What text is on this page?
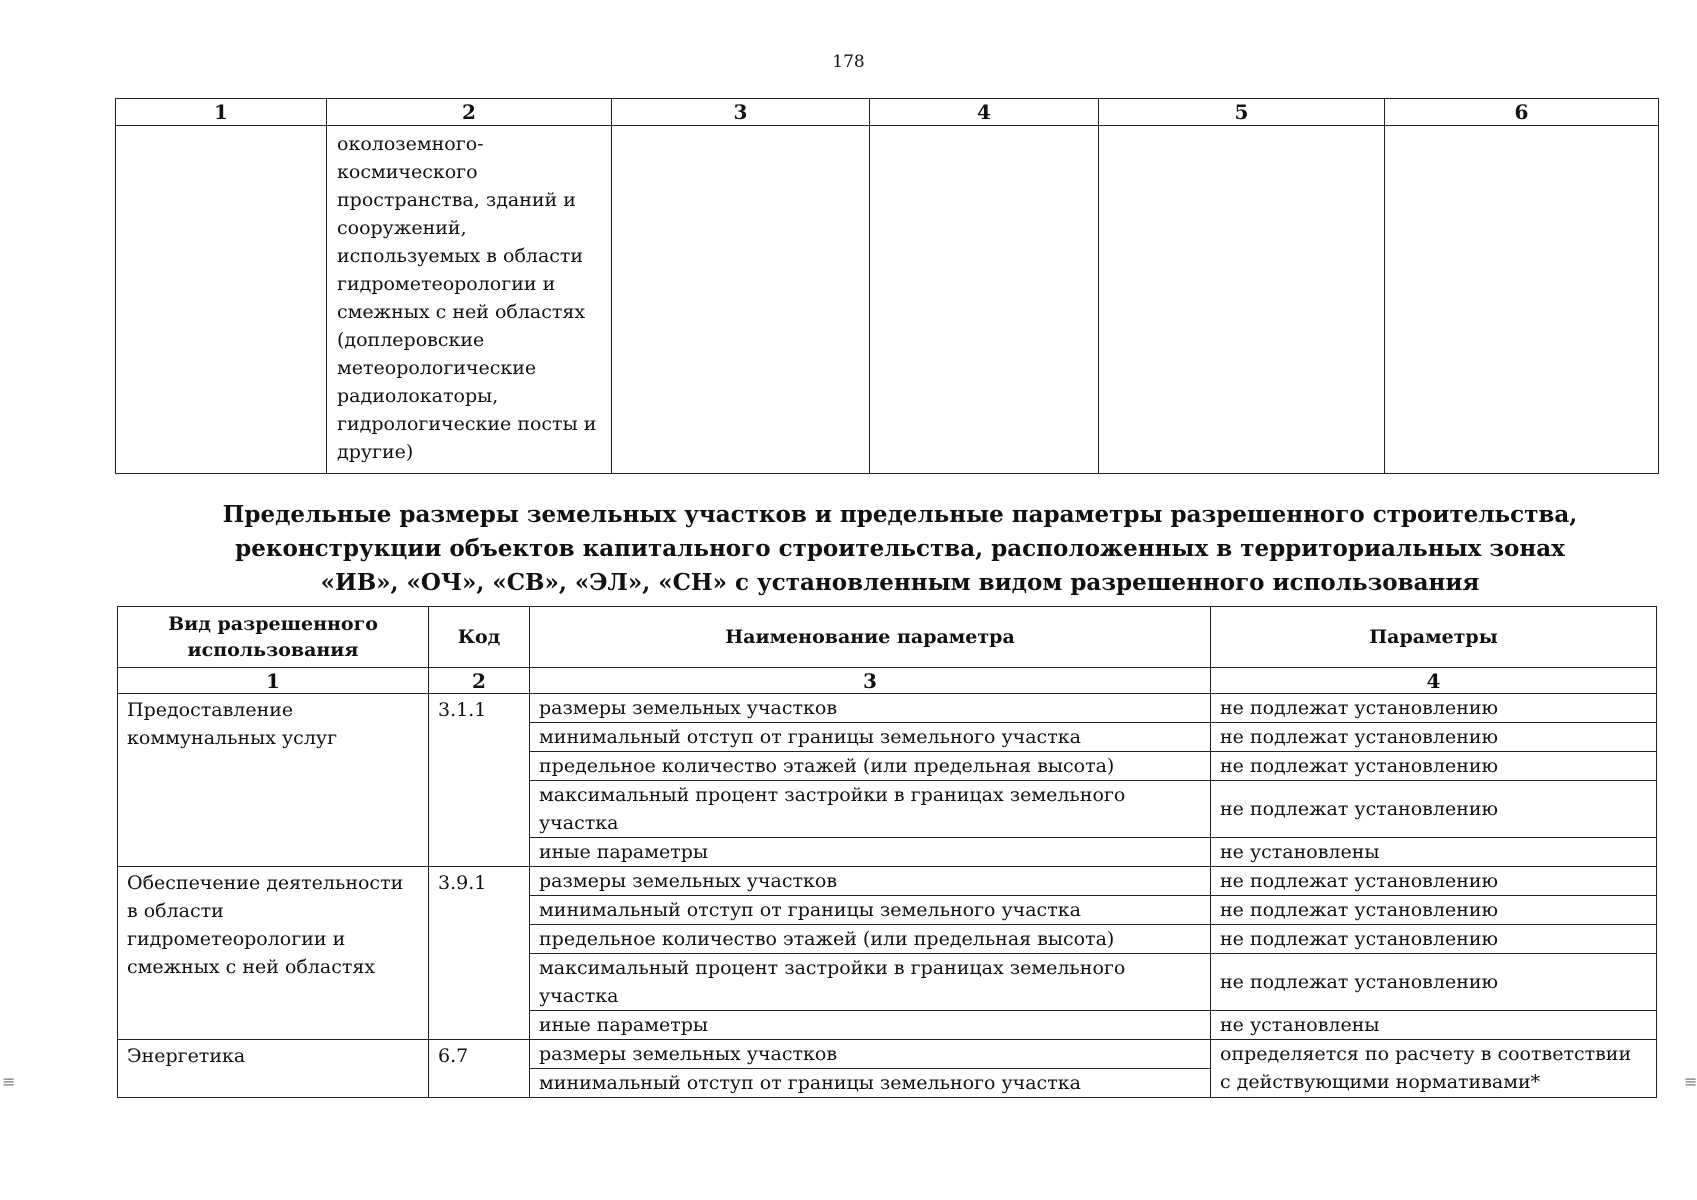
178
1	2	3	4	5	6
	околоземного-космического пространства, зданий и сооружений, используемых в области гидрометеорологии и смежных с ней областях (доплеровские метеорологические радиолокаторы, гидрологические посты и другие)				
Предельные размеры земельных участков и предельные параметры разрешенного строительства,
реконструкции объектов капитального строительства, расположенных в территориальных зонах
«ИВ», «ОЧ», «СВ», «ЭЛ», «СН» с установленным видом разрешенного использования
Вид разрешенного использования	Код	Наименование параметра	Параметры
1	2	3	4
Предоставление коммунальных услуг	3.1.1	размеры земельных участков	не подлежат установлению
		минимальный отступ от границы земельного участка	не подлежат установлению
		предельное количество этажей (или предельная высота)	не подлежат установлению
		максимальный процент застройки в границах земельного участка	не подлежат установлению
		иные параметры	не установлены
Обеспечение деятельности в области гидрометеорологии и смежных с ней областях	3.9.1	размеры земельных участков	не подлежат установлению
		минимальный отступ от границы земельного участка	не подлежат установлению
		предельное количество этажей (или предельная высота)	не подлежат установлению
		максимальный процент застройки в границах земельного участка	не подлежат установлению
		иные параметры	не установлены
Энергетика	6.7	размеры земельных участков	определяется по расчету в соответствии с действующими нормативами*
		минимальный отступ от границы земельного участка	
≡	≡
